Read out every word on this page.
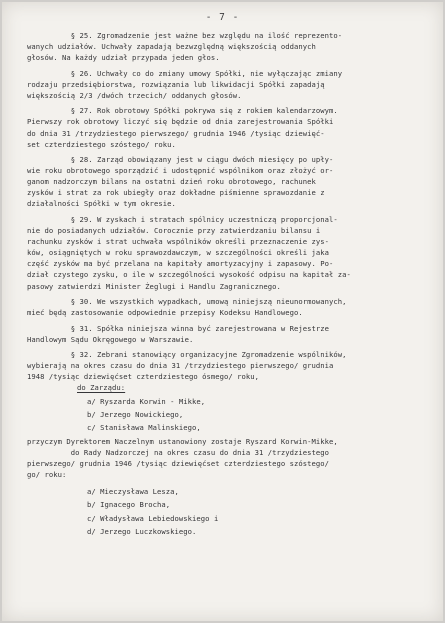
- 7 -
§ 25. Zgromadzenie jest ważne bez względu na ilość reprezento-
wanych udziałów. Uchwały zapadają bezwzględną większością oddanych
głosów. Na każdy udział przypada jeden głos.
§ 26. Uchwały co do zmiany umowy Spółki, nie wyłączając zmiany
rodzaju przedsiębiorstwa, rozwiązania lub likwidacji Spółki zapadają
większością 2/3 /dwóch trzecich/ oddanych głosów.
§ 27. Rok obrotowy Spółki pokrywa się z rokiem kalendarzowym.
Pierwszy rok obrotowy liczyć się będzie od dnia zarejestrowania Spółki
do dnia 31 /trzydziestego pierwszego/ grudnia 1946 /tysiąc dziewięć-
set czterdziestego szóstego/ roku.
§ 28. Zarząd obowiązany jest w ciągu dwóch miesięcy po upły-
wie roku obrotowego sporządzić i udostępnić wspólnikom oraz złożyć or-
ganom nadzorczym bilans na ostatni dzień roku obrotowego, rachunek
zysków i strat za rok ubiegły oraz dokładne piśmienne sprawozdanie z
działalności Spółki w tym okresie.
§ 29. W zyskach i stratach spólnicy uczestniczą proporcjonal-
nie do posiadanych udziałów. Corocznie przy zatwierdzaniu bilansu i
rachunku zysków i strat uchwała wspólników określi przeznaczenie zys-
ków, osiągniętych w roku sprawozdawczym, w szczególności określi jaka
część zysków ma być przelana na kapitały amortyzacyjny i zapasowy. Po-
dział czystego zysku, o ile w szczególności wysokość odpisu na kapitał za-
pasowy zatwierdzi Minister Żeglugi i Handlu Zagranicznego.
§ 30. We wszystkich wypadkach, umową niniejszą nieunormowanych,
mieć będą zastosowanie odpowiednie przepisy Kodeksu Handlowego.
§ 31. Spółka niniejsza winna być zarejestrowana w Rejestrze
Handlowym Sądu Okręgowego w Warszawie.
§ 32. Zebrani stanowiący organizacyjne Zgromadzenie wspólników,
wybierają na okres czasu do dnia 31 /trzydziestego pierwszego/ grudnia
1948 /tysiąc dziewięćset czterdziestego ósmego/ roku,
do Zarządu:
a/ Ryszarda Korwin - Mikke,
b/ Jerzego Nowickiego,
c/ Stanisława Malinskiego,
przyczym Dyrektorem Naczelnym ustanowiony zostaje Ryszard Korwin-Mikke,
do Rady Nadzorczej na okres czasu do dnia 31 /trzydziestego
pierwszego/ grudnia 1946 /tysiąc dziewięćset czterdziestego szóstego/
go/ roku:
a/ Mieczysława Lesza,
b/ Ignacego Brocha,
c/ Władysława Lebiedowskiego i
d/ Jerzego Luczkowskiego.
